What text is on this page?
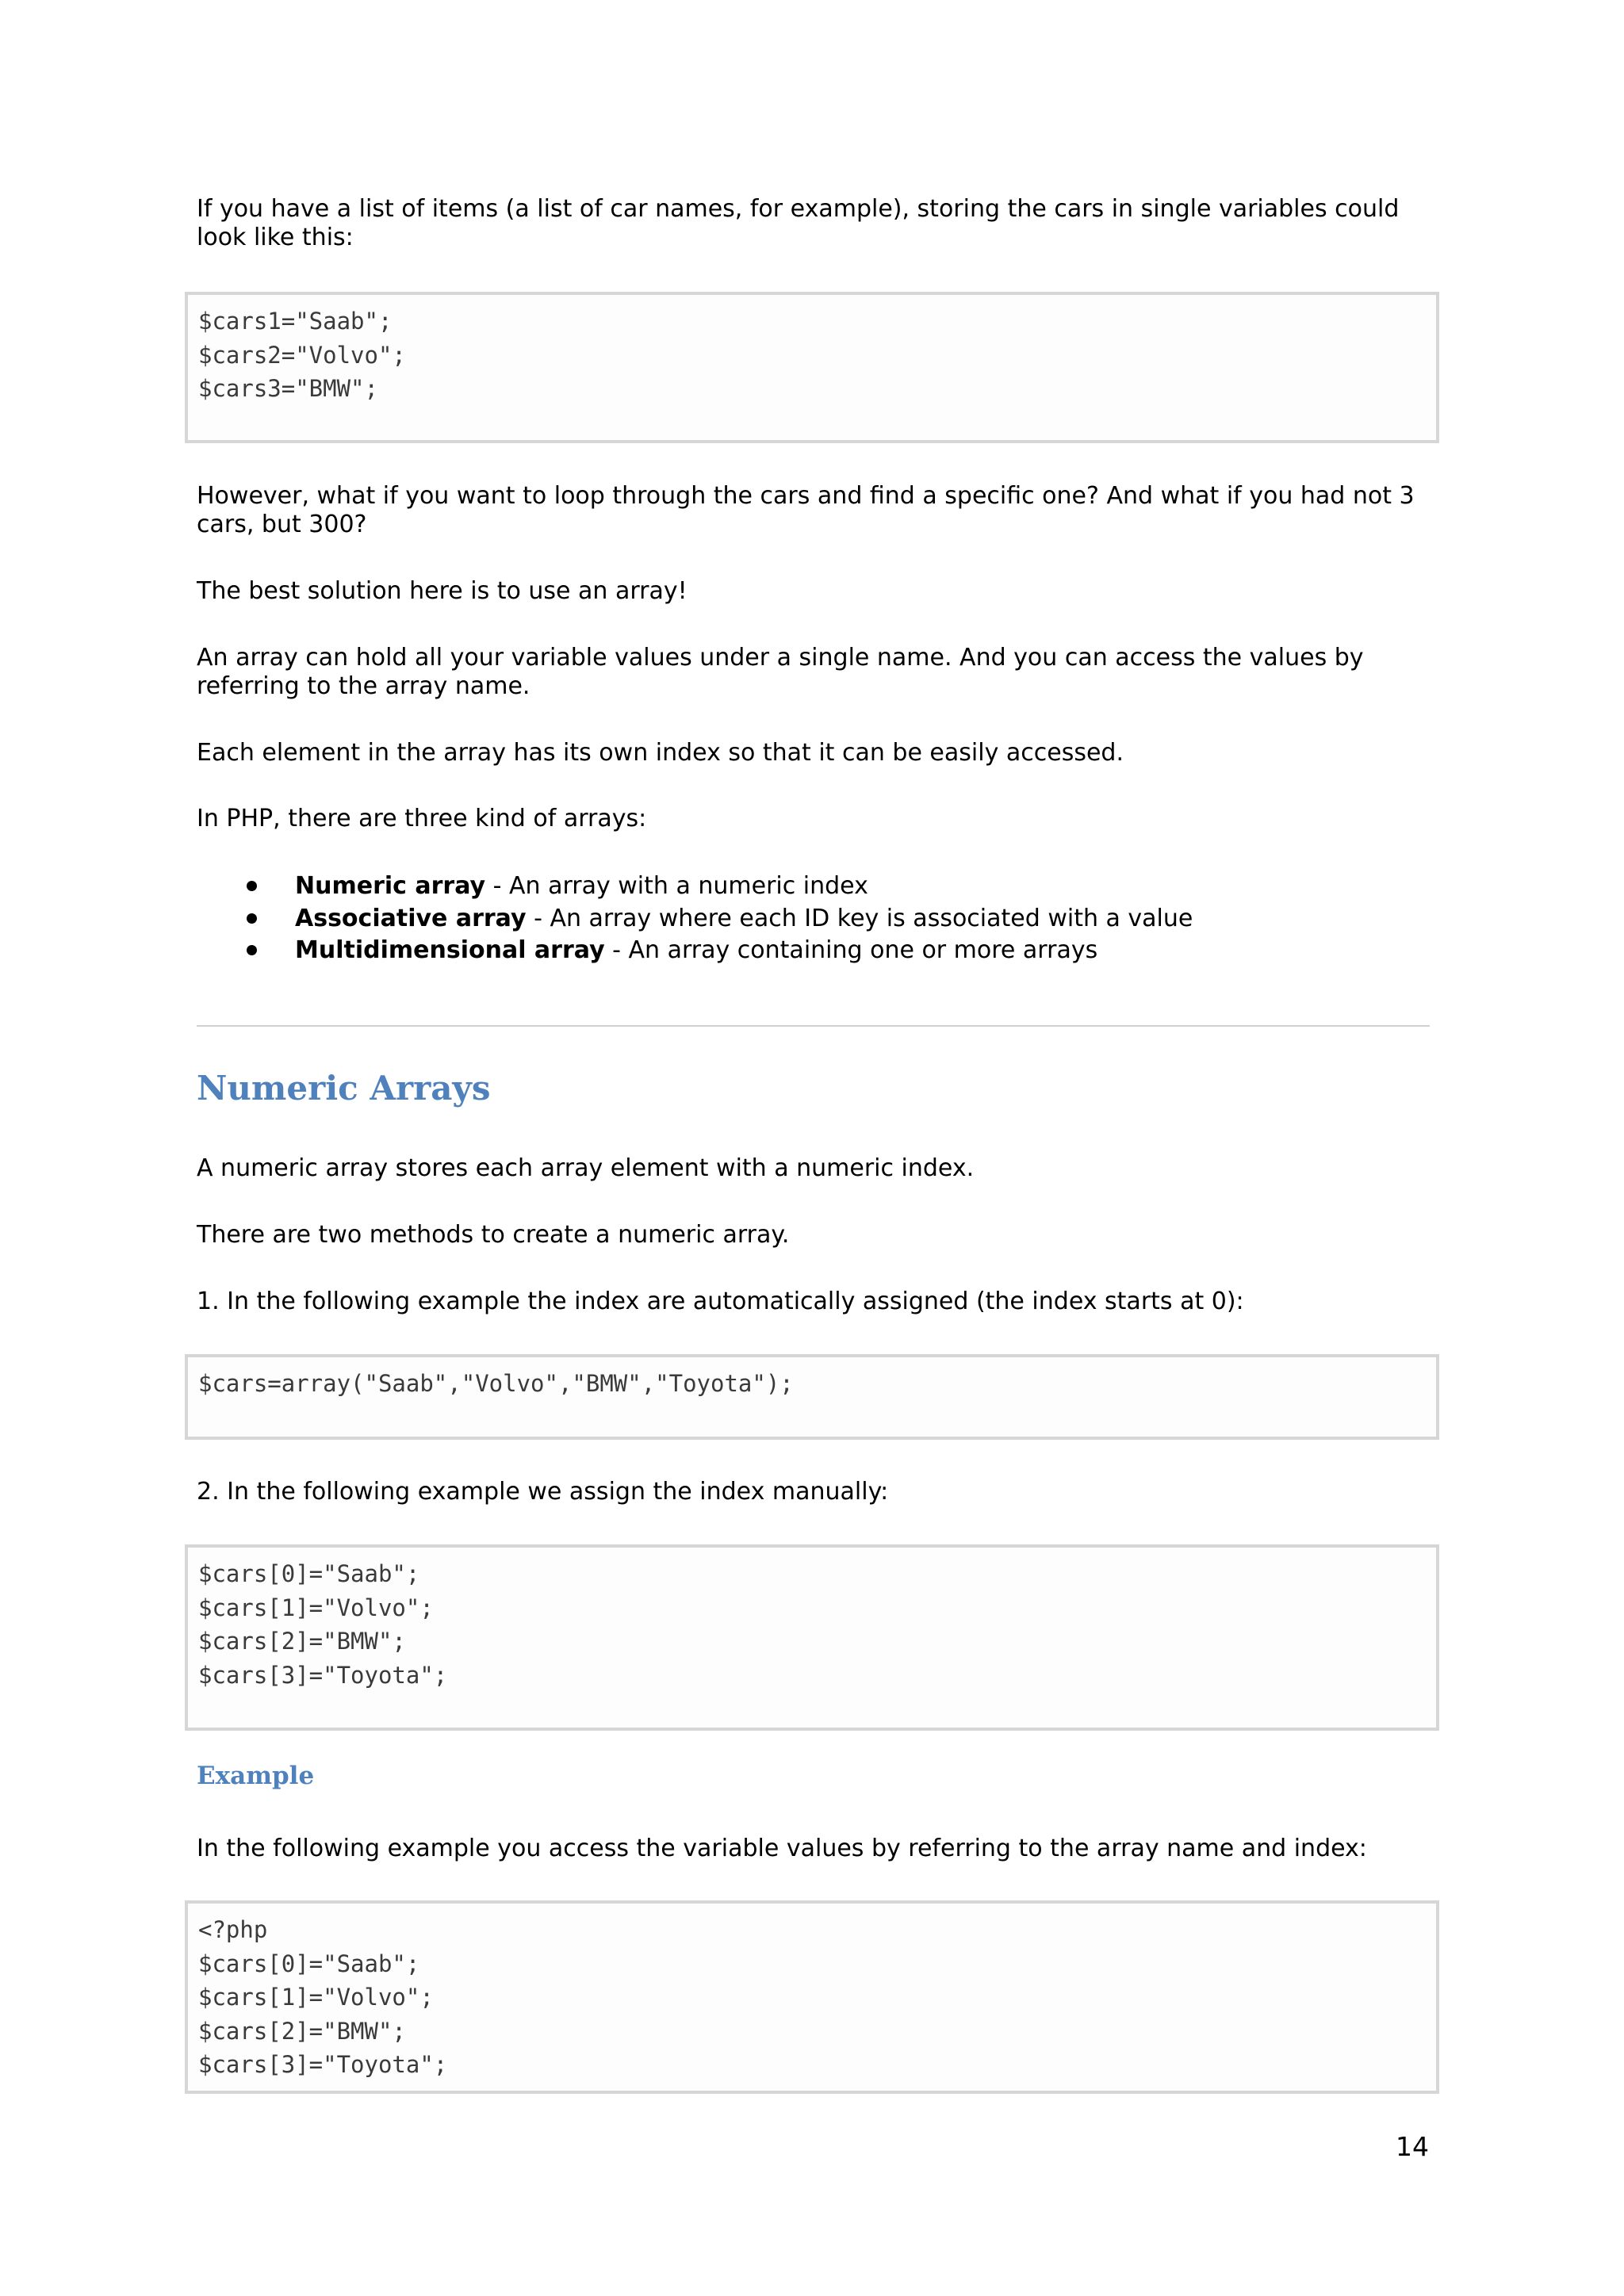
If you have a list of items (a list of car names, for example), storing the cars in single variables could look like this:

$cars1="Saab";
$cars2="Volvo";
$cars3="BMW";

However, what if you want to loop through the cars and find a specific one? And what if you had not 3 cars, but 300?

The best solution here is to use an array!

An array can hold all your variable values under a single name. And you can access the values by referring to the array name.

Each element in the array has its own index so that it can be easily accessed.

In PHP, there are three kind of arrays:

Numeric array - An array with a numeric index
Associative array - An array where each ID key is associated with a value
Multidimensional array - An array containing one or more arrays
Numeric Arrays

A numeric array stores each array element with a numeric index.

There are two methods to create a numeric array.

1. In the following example the index are automatically assigned (the index starts at 0):

$cars=array("Saab","Volvo","BMW","Toyota");

2. In the following example we assign the index manually:

$cars[0]="Saab";
$cars[1]="Volvo";
$cars[2]="BMW";
$cars[3]="Toyota";
Example

In the following example you access the variable values by referring to the array name and index:

<?php
$cars[0]="Saab";
$cars[1]="Volvo";
$cars[2]="BMW";
$cars[3]="Toyota";
14
